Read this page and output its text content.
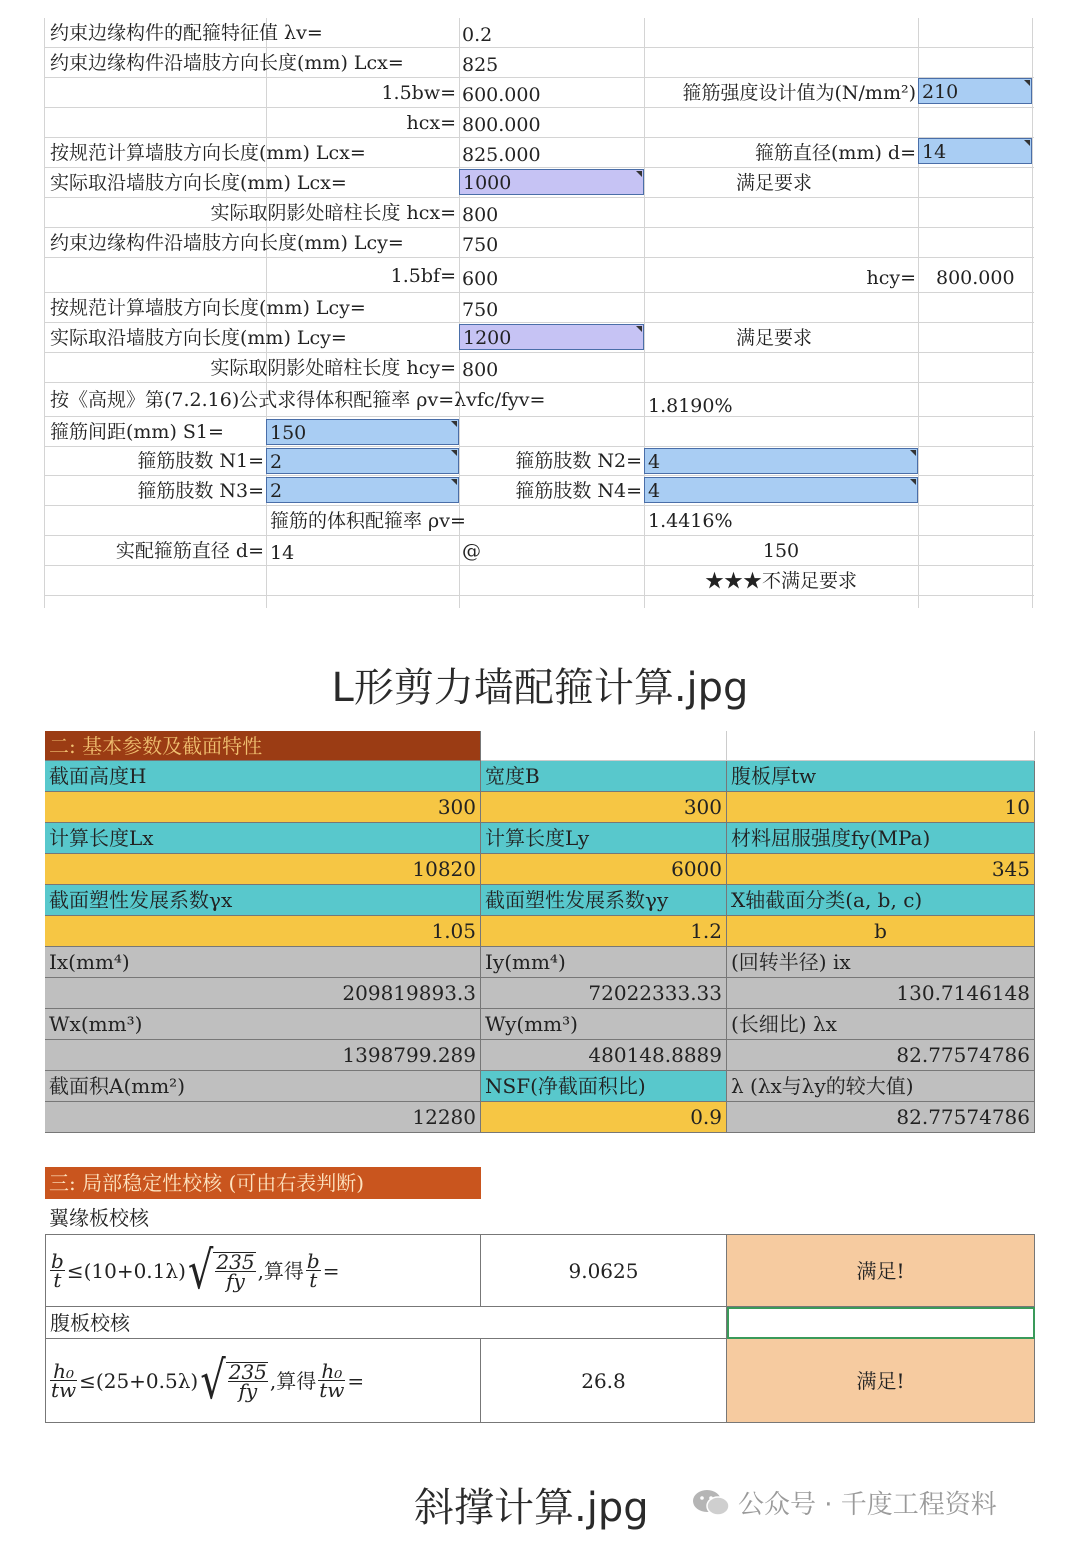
约束边缘构件的配箍特征值 λv=	0.2
约束边缘构件沿墙肢方向长度(mm) Lcx=	825
1.5bw= 600.000	箍筋强度设计值为(N/mm²) 210
hcx= 800.000
按规范计算墙肢方向长度(mm) Lcx=	825.000	箍筋直径(mm) d= 14
实际取沿墙肢方向长度(mm) Lcx=	1000	满足要求
实际取阴影处暗柱长度 hcx= 800
约束边缘构件沿墙肢方向长度(mm) Lcy=	750
1.5bf= 600	hcy= 800.000
按规范计算墙肢方向长度(mm) Lcy=	750
实际取沿墙肢方向长度(mm) Lcy=	1200	满足要求
实际取阴影处暗柱长度 hcy= 800
按《高规》第(7.2.16)公式求得体积配箍率 ρv=λvfc/fyv=	1.8190%
箍筋间距(mm) S1= 150
箍筋肢数 N1= 2	箍筋肢数 N2= 4
箍筋肢数 N3= 2	箍筋肢数 N4= 4
箍筋的体积配箍率 ρv=	1.4416%
实配箍筋直径 d= 14	@	150
★★★不满足要求
L形剪力墙配箍计算.jpg
二: 基本参数及截面特性
截面高度H	宽度B	腹板厚tw
300	300	10
计算长度Lx	计算长度Ly	材料屈服强度fy(MPa)
10820	6000	345
截面塑性发展系数γx	截面塑性发展系数γy	X轴截面分类(a, b, c)
1.05	1.2	b
Ix(mm⁴)	Iy(mm⁴)	(回转半径) ix
209819893.3	72022333.33	130.7146148
Wx(mm³)	Wy(mm³)	(长细比) λx
1398799.289	480148.8889	82.77574786
截面积A(mm²)	NSF(净截面积比)	λ (λx与λy的较大值)
12280	0.9	82.77574786
三: 局部稳定性校核 (可由右表判断)
翼缘板校核
$\frac{b}{t} \le(10+0.1\lambda)$ √ $\frac{235}{fy}$ ,算得 $\frac{b}{t}$ =	9.0625	满足!
腹板校核
$\frac{\text{h₀}}{tw} \le(25+0.5\lambda)$ √ $\frac{235}{fy}$ ,算得 $\frac{\text{h₀}}{tw}$ =	26.8	满足!
斜撑计算.jpg	公众号 · 千度工程资料
